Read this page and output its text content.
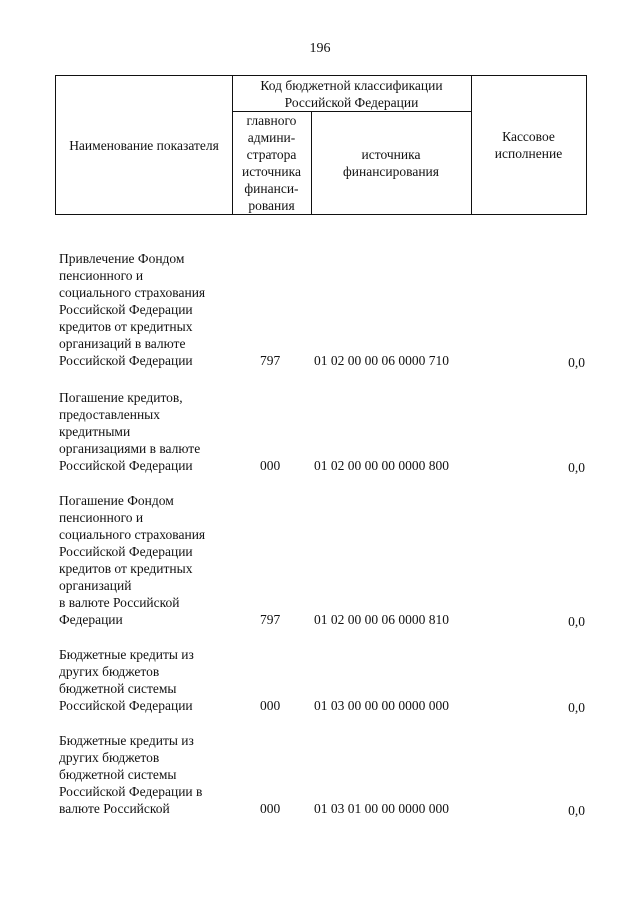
196
Наименование показателя
Код бюджетной классификации
Российской Федерации
главного
админи-
стратора
источника
финанси-
рования
источника
финансирования
Кассовое
исполнение
Привлечение Фондом
пенсионного и
социального страхования
Российской Федерации
кредитов от кредитных
организаций в валюте
Российской Федерации	797	01 02 00 00 06 0000 710	0,0
Погашение кредитов,
предоставленных
кредитными
организациями в валюте
Российской Федерации	000	01 02 00 00 00 0000 800	0,0
Погашение Фондом
пенсионного и
социального страхования
Российской Федерации
кредитов от кредитных
организаций
в валюте Российской
Федерации	797	01 02 00 00 06 0000 810	0,0
Бюджетные кредиты из
других бюджетов
бюджетной системы
Российской Федерации	000	01 03 00 00 00 0000 000	0,0
Бюджетные кредиты из
других бюджетов
бюджетной системы
Российской Федерации в
валюте Российской	000	01 03 01 00 00 0000 000	0,0
